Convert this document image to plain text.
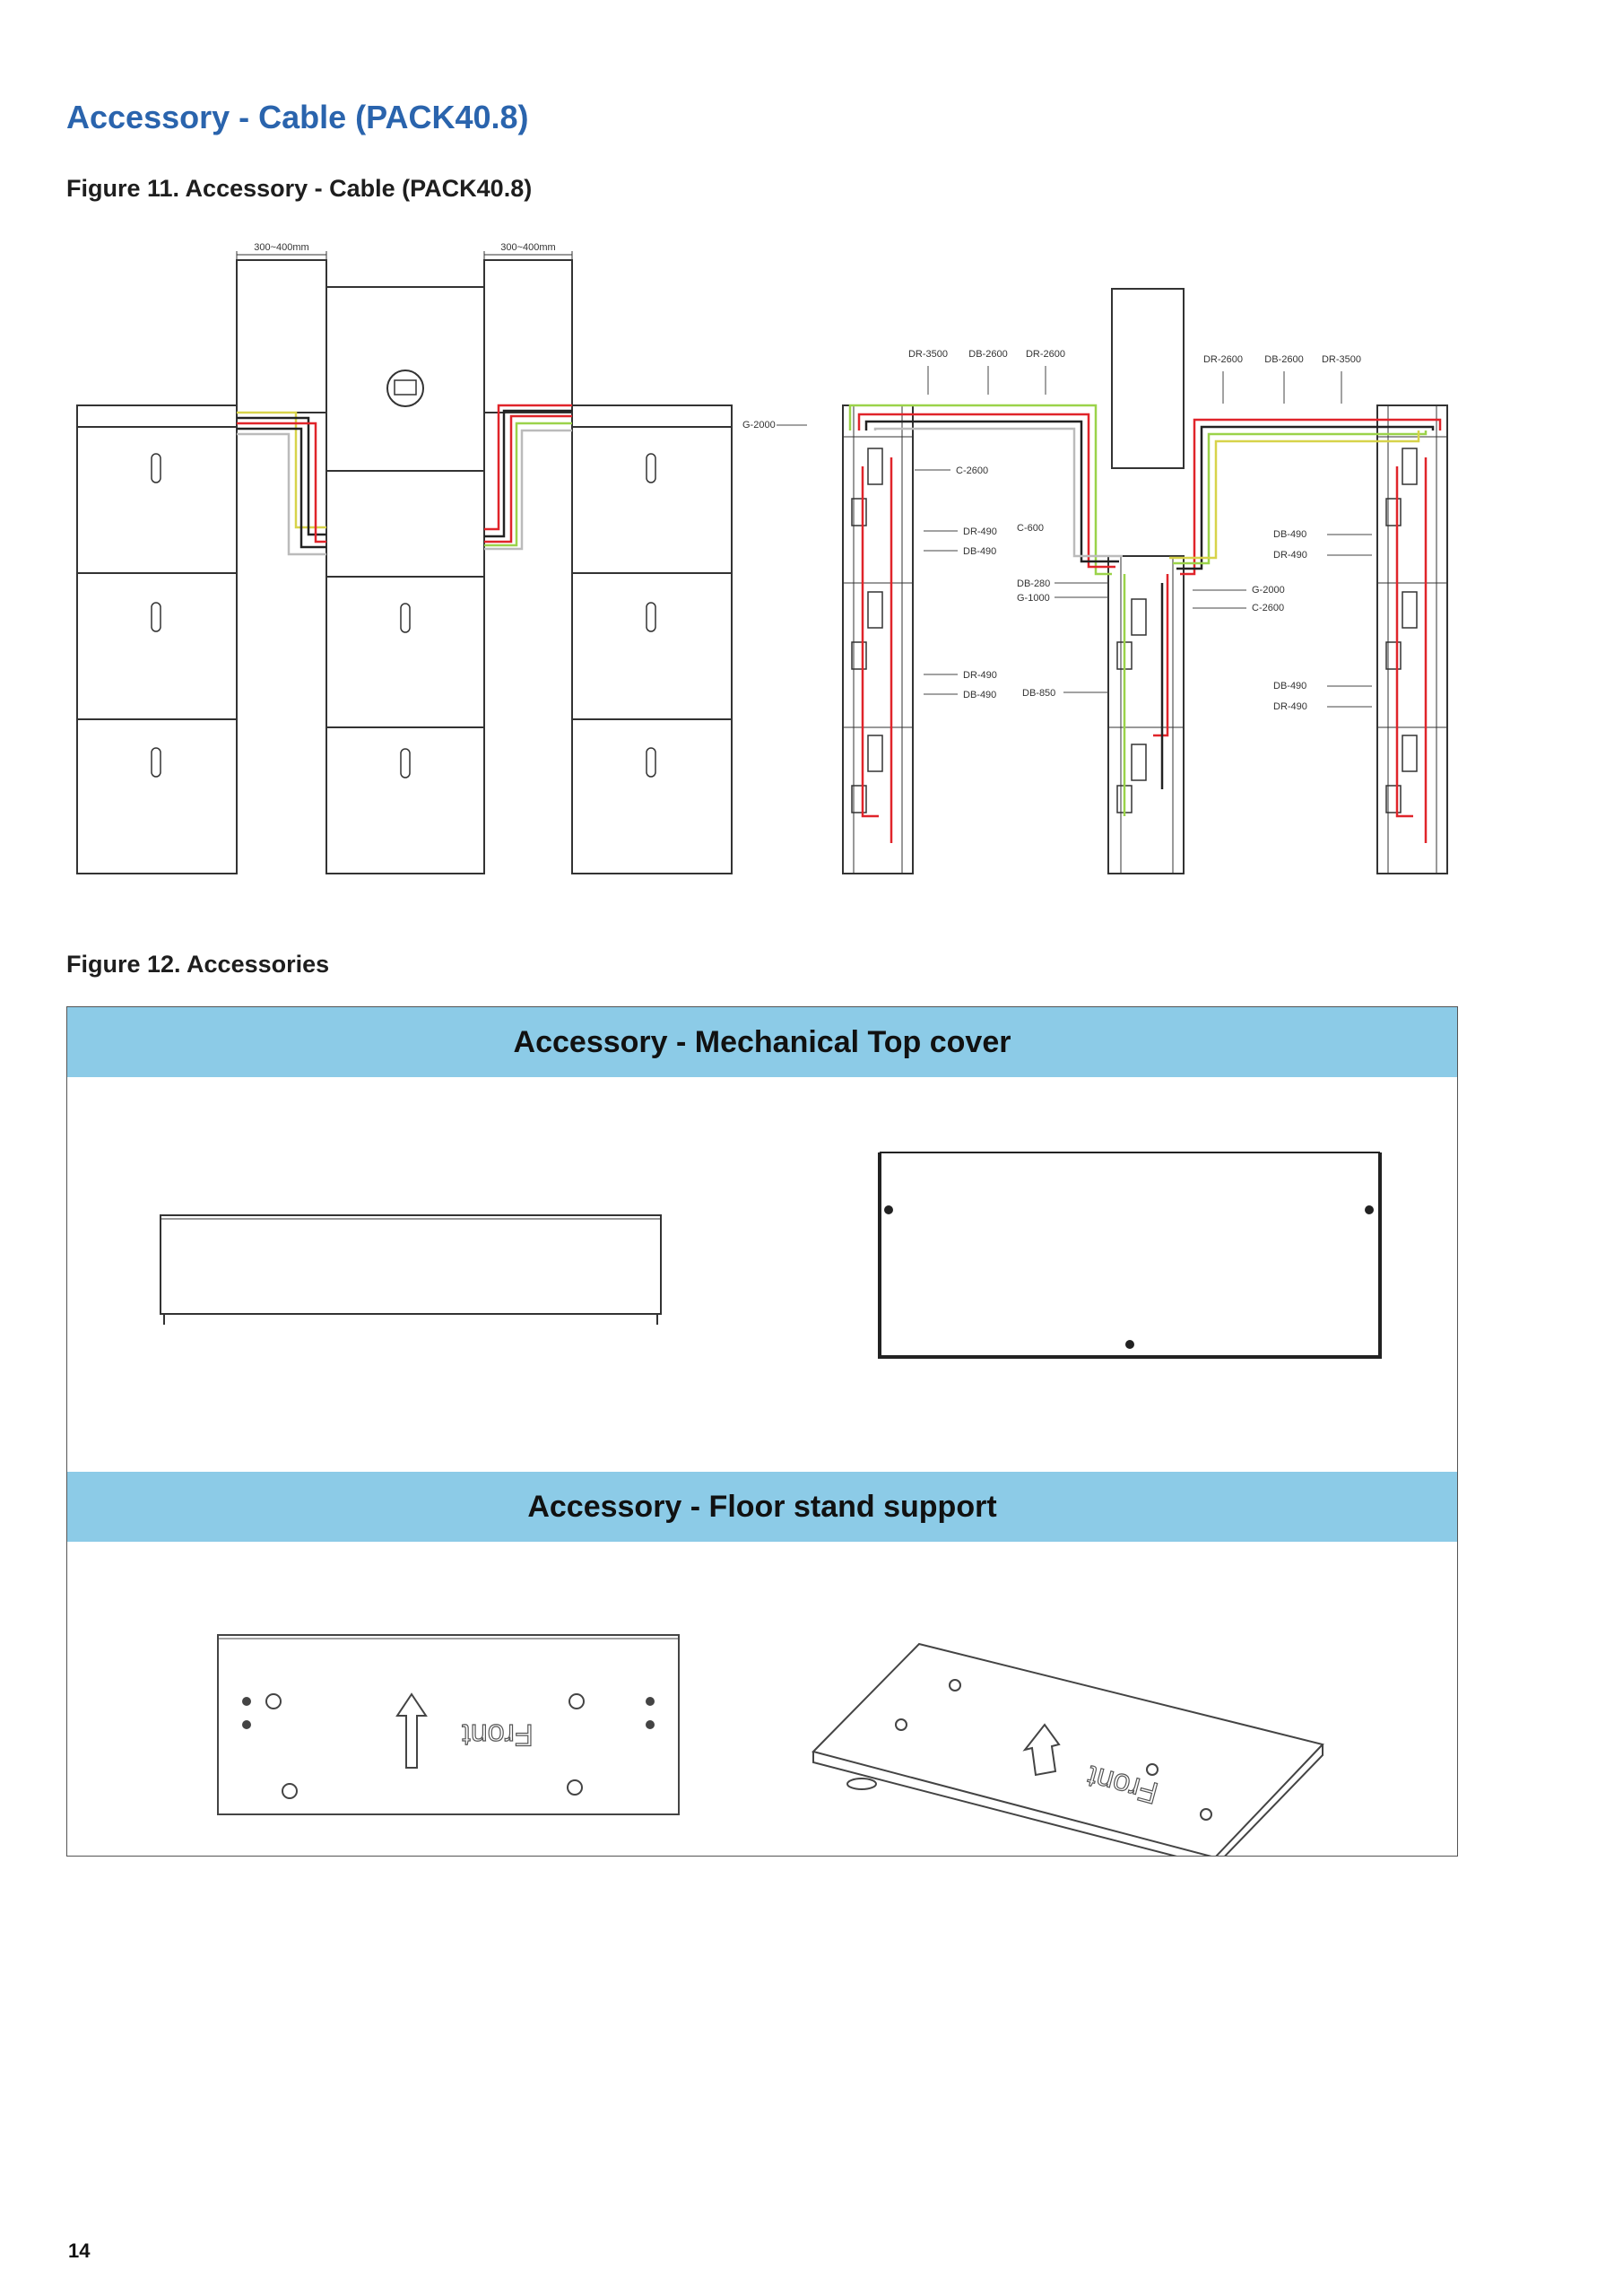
Accessory - Cable (PACK40.8)

Figure 11. Accessory - Cable (PACK40.8)

300~400mm	300~400mm
DR-3500 DB-2600 DR-2600	DR-2600 DB-2600 DR-3500
G-2000
C-2600
DR-490
DB-490
DR-490
DB-490
C-600
DB-280
G-1000
DB-850
G-2000
C-2600
DB-490
DR-490
DB-490
DR-490

Figure 12. Accessories

Accessory - Mechanical Top cover
Accessory - Floor stand support
Front
Front
14
